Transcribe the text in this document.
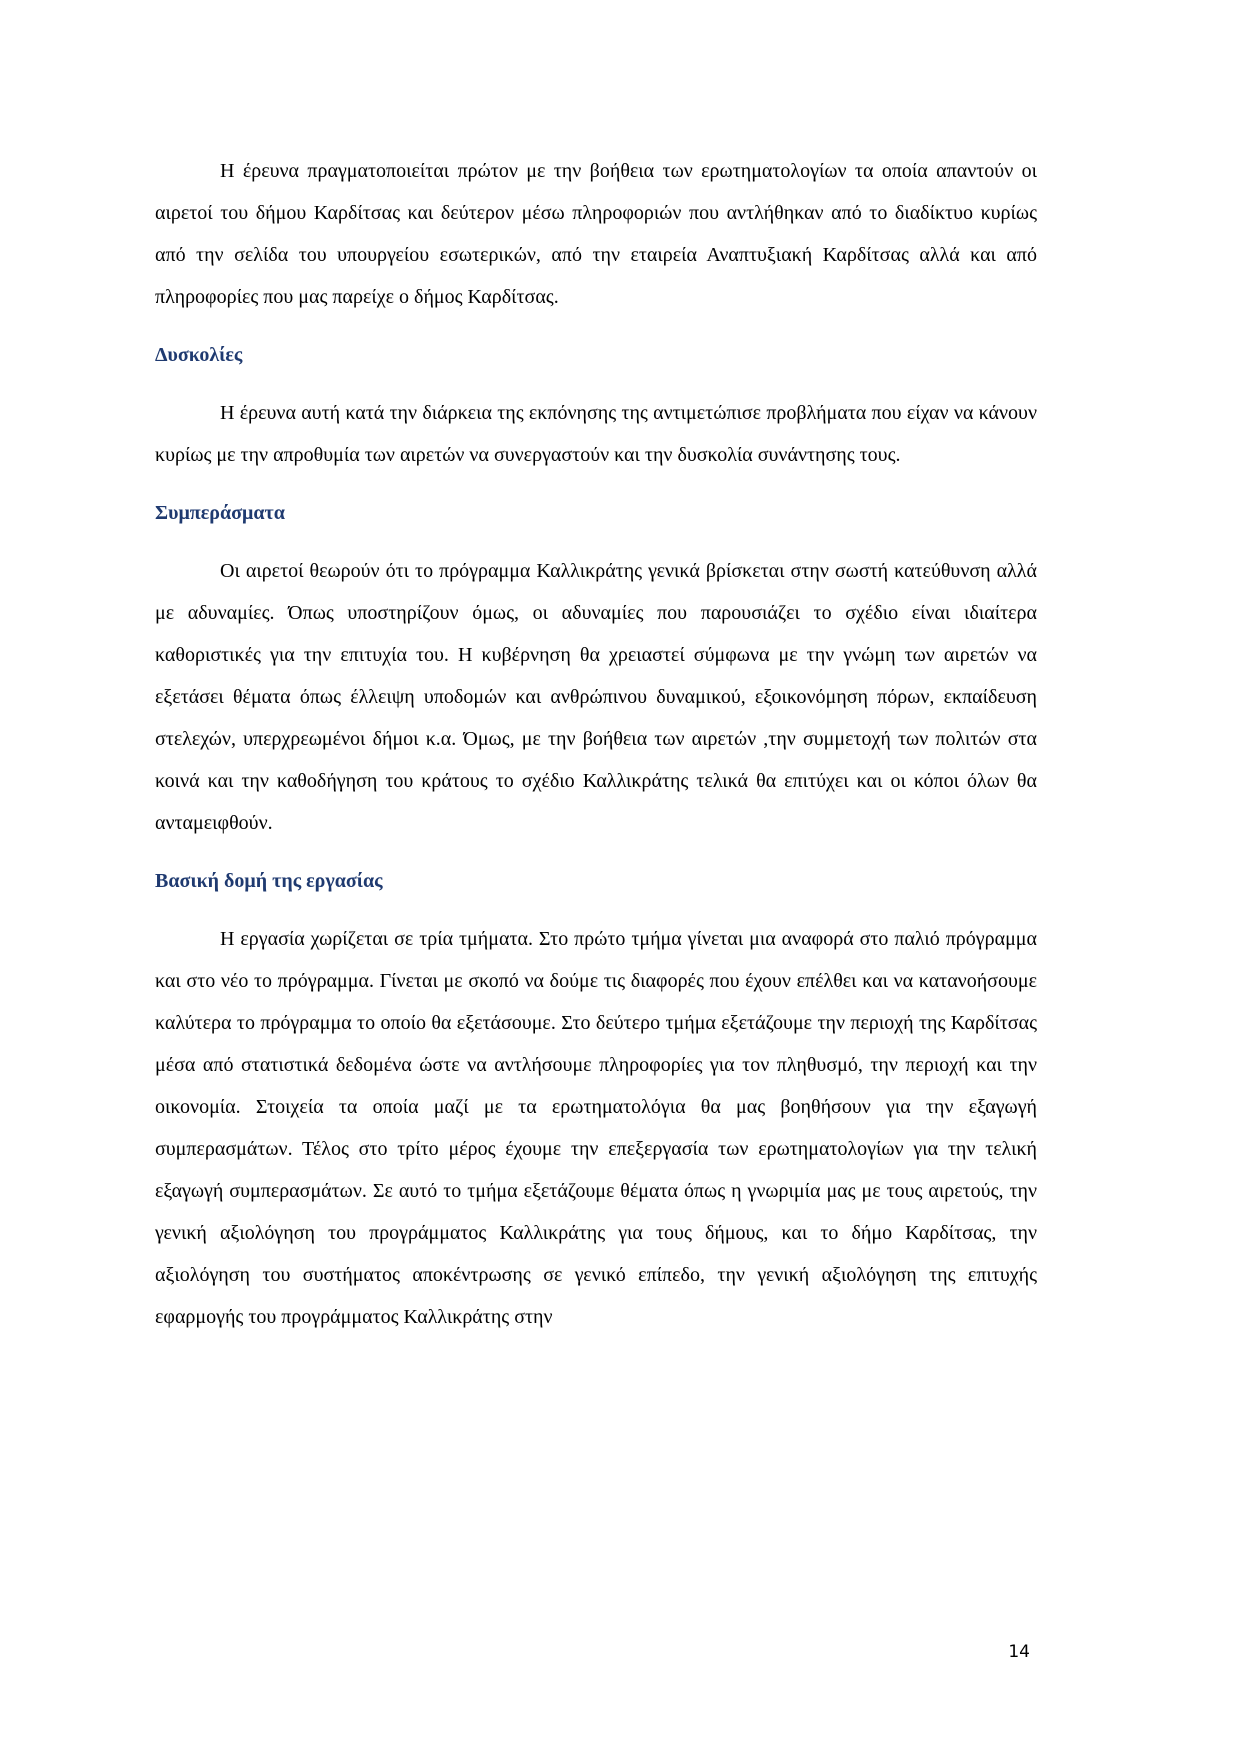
Η έρευνα πραγματοποιείται πρώτον με την βοήθεια των ερωτηματολογίων τα οποία απαντούν οι αιρετοί του δήμου Καρδίτσας και δεύτερον μέσω πληροφοριών που αντλήθηκαν από το διαδίκτυο κυρίως από την σελίδα του υπουργείου εσωτερικών, από την εταιρεία Αναπτυξιακή Καρδίτσας αλλά και από πληροφορίες που μας παρείχε ο δήμος Καρδίτσας.

Δυσκολίες

Η έρευνα αυτή κατά την διάρκεια της εκπόνησης της αντιμετώπισε προβλήματα που είχαν να κάνουν κυρίως με την απροθυμία των αιρετών να συνεργαστούν και την δυσκολία συνάντησης τους.

Συμπεράσματα

Οι αιρετοί θεωρούν ότι το πρόγραμμα Καλλικράτης γενικά βρίσκεται στην σωστή κατεύθυνση αλλά με αδυναμίες. Όπως υποστηρίζουν όμως, οι αδυναμίες που παρουσιάζει το σχέδιο είναι ιδιαίτερα καθοριστικές για την επιτυχία του. Η κυβέρνηση θα χρειαστεί σύμφωνα με την γνώμη των αιρετών να εξετάσει θέματα όπως έλλειψη υποδομών και ανθρώπινου δυναμικού, εξοικονόμηση πόρων, εκπαίδευση στελεχών, υπερχρεωμένοι δήμοι κ.α. Όμως, με την βοήθεια των αιρετών ,την συμμετοχή των πολιτών στα κοινά και την καθοδήγηση του κράτους το σχέδιο Καλλικράτης τελικά θα επιτύχει και οι κόποι όλων θα ανταμειφθούν.

Βασική δομή της εργασίας

Η εργασία χωρίζεται σε τρία τμήματα. Στο πρώτο τμήμα γίνεται μια αναφορά στο παλιό πρόγραμμα και στο νέο το πρόγραμμα. Γίνεται με σκοπό να δούμε τις διαφορές που έχουν επέλθει και να κατανοήσουμε καλύτερα το πρόγραμμα το οποίο θα εξετάσουμε. Στο δεύτερο τμήμα εξετάζουμε την περιοχή της Καρδίτσας μέσα από στατιστικά δεδομένα ώστε να αντλήσουμε πληροφορίες για τον πληθυσμό, την περιοχή και την οικονομία. Στοιχεία τα οποία μαζί με τα ερωτηματολόγια θα μας βοηθήσουν για την εξαγωγή συμπερασμάτων. Τέλος στο τρίτο μέρος έχουμε την επεξεργασία των ερωτηματολογίων για την τελική εξαγωγή συμπερασμάτων. Σε αυτό το τμήμα εξετάζουμε θέματα όπως η γνωριμία μας με τους αιρετούς, την γενική αξιολόγηση του προγράμματος Καλλικράτης για τους δήμους, και το δήμο Καρδίτσας, την αξιολόγηση του συστήματος αποκέντρωσης σε γενικό επίπεδο, την γενική αξιολόγηση της επιτυχής εφαρμογής του προγράμματος Καλλικράτης στην

14
